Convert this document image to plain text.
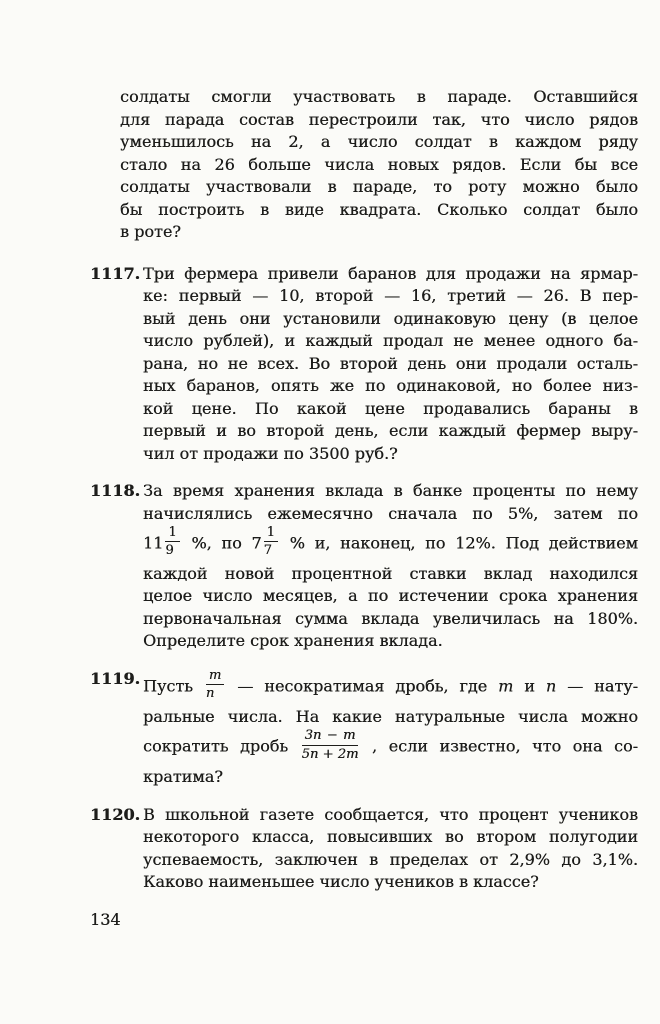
солдаты смогли участвовать в параде. Оставшийся
для парада состав перестроили так, что число рядов
уменьшилось на 2, а число солдат в каждом ряду
стало на 26 больше числа новых рядов. Если бы все
солдаты участвовали в параде, то роту можно было
бы построить в виде квадрата. Сколько солдат было
в роте?
1117. Три фермера привели баранов для продажи на ярмар-
ке: первый — 10, второй — 16, третий — 26. В пер-
вый день они установили одинаковую цену (в целое
число рублей), и каждый продал не менее одного ба-
рана, но не всех. Во второй день они продали осталь-
ных баранов, опять же по одинаковой, но более низ-
кой цене. По какой цене продавались бараны в
первый и во второй день, если каждый фермер выру-
чил от продажи по 3500 руб.?
1118. За время хранения вклада в банке проценты по нему
начислялись ежемесячно сначала по 5%, затем по
$11 \frac{1}{9}$ %, по $7 \frac{1}{7}$ % и, наконец, по 12%. Под действием
каждой новой процентной ставки вклад находился
целое число месяцев, а по истечении срока хранения
первоначальная сумма вклада увеличилась на 180%.
Определите срок хранения вклада.
1119. Пусть $\frac{m}{n}$ — несократимая дробь, где m и n — нату-
ральные числа. На какие натуральные числа можно
сократить дробь $\frac{3n - m}{5n + 2m}$ , если известно, что она со-
кратима?
1120. В школьной газете сообщается, что процент учеников
некоторого класса, повысивших во втором полугодии
успеваемость, заключен в пределах от 2,9% до 3,1%.
Каково наименьшее число учеников в классе?
134
